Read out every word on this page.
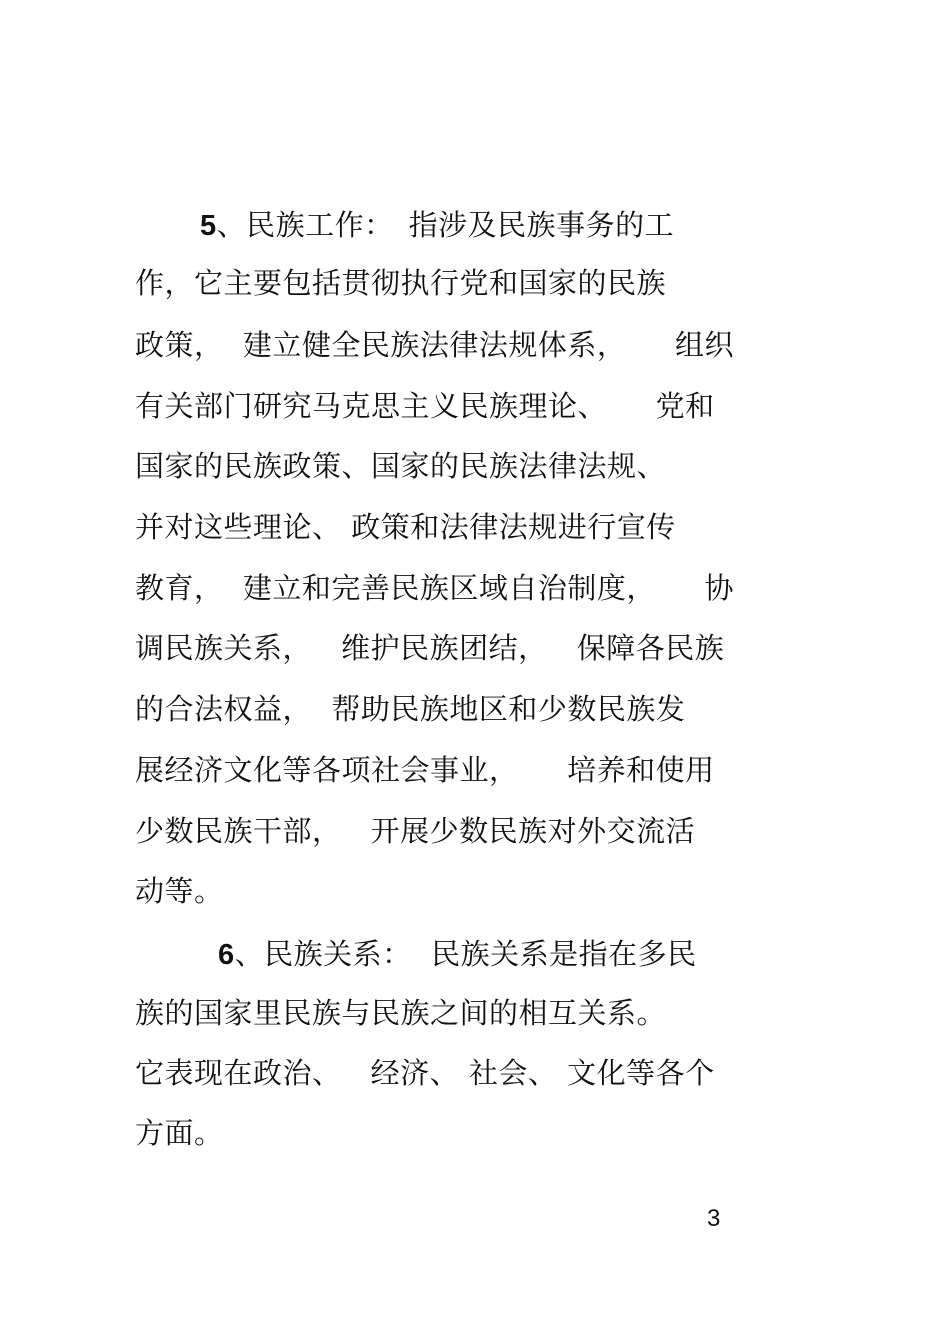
5、民族工作：　指涉及民族事务的工
作，它主要包括贯彻执行党和国家的民族
政策，  建立健全民族法律法规体系，     组织
有关部门研究马克思主义民族理论、     党和
国家的民族政策、国家的民族法律法规、
并对这些理论、 政策和法律法规进行宣传
教育，  建立和完善民族区域自治制度，     协
调民族关系，   维护民族团结，   保障各民族
的合法权益，  帮助民族地区和少数民族发
展经济文化等各项社会事业，     培养和使用
少数民族干部，   开展少数民族对外交流活
动等。
6、民族关系：  民族关系是指在多民
族的国家里民族与民族之间的相互关系。
它表现在政治、   经济、 社会、 文化等各个
方面。
3
